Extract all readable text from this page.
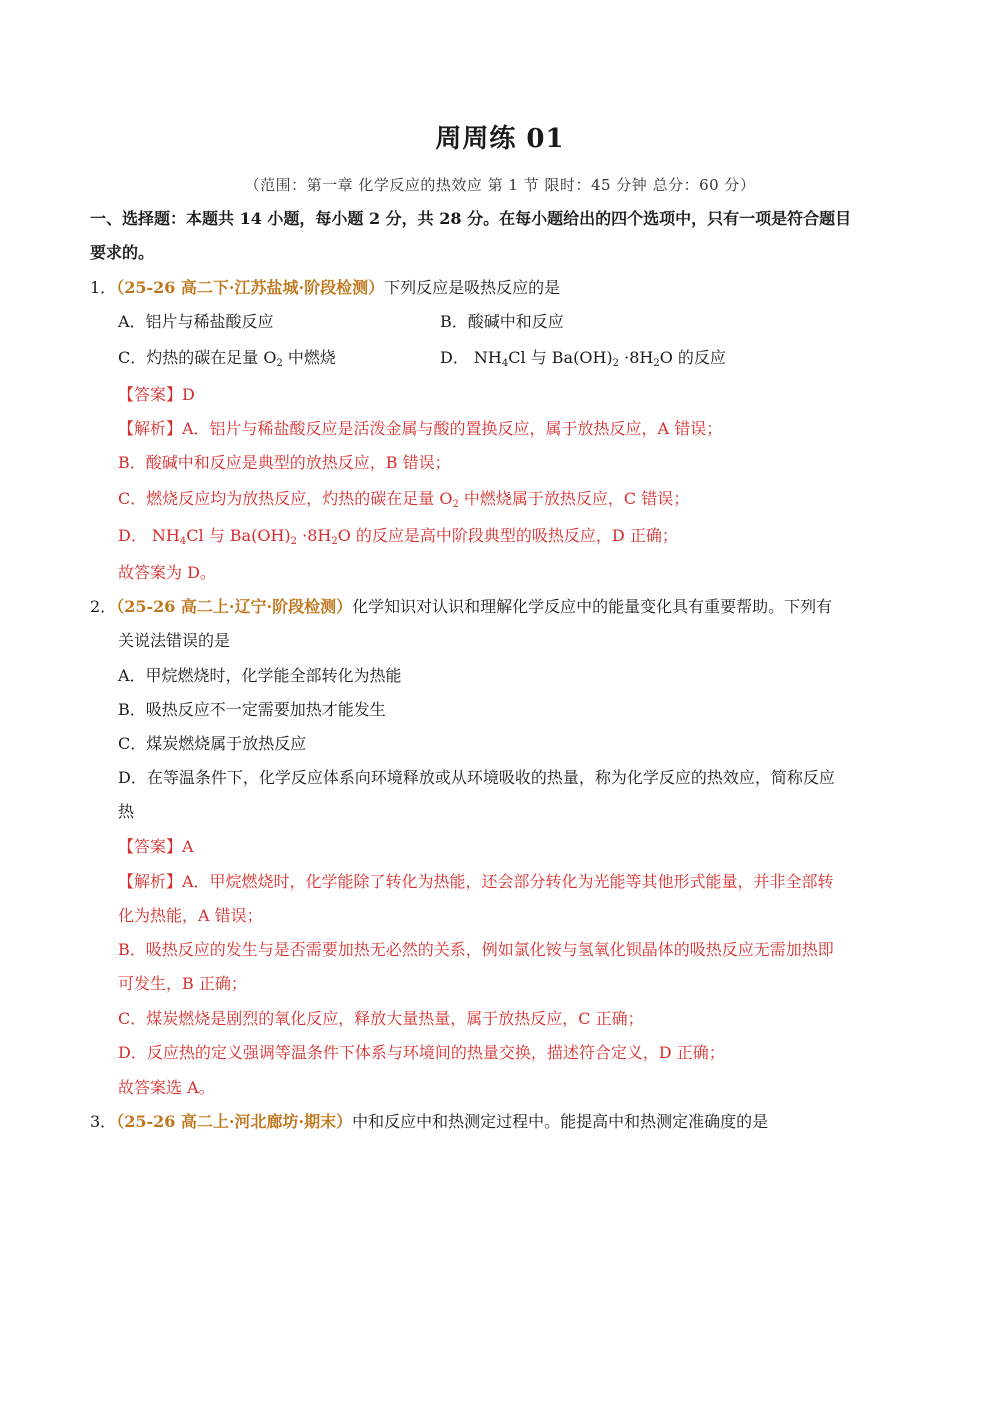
周周练 01
（范围：第一章 化学反应的热效应 第 1 节 限时：45 分钟 总分：60 分）
一、选择题：本题共 14 小题，每小题 2 分，共 28 分。在每小题给出的四个选项中，只有一项是符合题目
要求的。
1．（25-26 高二下·江苏盐城·阶段检测）下列反应是吸热反应的是
A．铝片与稀盐酸反应	B．酸碱中和反应
C．灼热的碳在足量 $O_2$ 中燃烧	D． $NH_4Cl$ 与 $Ba(OH)_2 \cdot 8H_2O$ 的反应
【答案】D
【解析】A．铝片与稀盐酸反应是活泼金属与酸的置换反应，属于放热反应，A 错误；
B．酸碱中和反应是典型的放热反应，B 错误；
C．燃烧反应均为放热反应，灼热的碳在足量 $O_2$ 中燃烧属于放热反应，C 错误；
D． $NH_4Cl$ 与 $Ba(OH)_2 \cdot 8H_2O$ 的反应是高中阶段典型的吸热反应，D 正确；
故答案为 D。
2．（25-26 高二上·辽宁·阶段检测）化学知识对认识和理解化学反应中的能量变化具有重要帮助。下列有
关说法错误的是
A．甲烷燃烧时，化学能全部转化为热能
B．吸热反应不一定需要加热才能发生
C．煤炭燃烧属于放热反应
D．在等温条件下，化学反应体系向环境释放或从环境吸收的热量，称为化学反应的热效应，简称反应
热
【答案】A
【解析】A．甲烷燃烧时，化学能除了转化为热能，还会部分转化为光能等其他形式能量，并非全部转
化为热能，A 错误；
B．吸热反应的发生与是否需要加热无必然的关系，例如氯化铵与氢氧化钡晶体的吸热反应无需加热即
可发生，B 正确；
C．煤炭燃烧是剧烈的氧化反应，释放大量热量，属于放热反应，C 正确；
D．反应热的定义强调等温条件下体系与环境间的热量交换，描述符合定义，D 正确；
故答案选 A。
3．（25-26 高二上·河北廊坊·期末）中和反应中和热测定过程中。能提高中和热测定准确度的是
